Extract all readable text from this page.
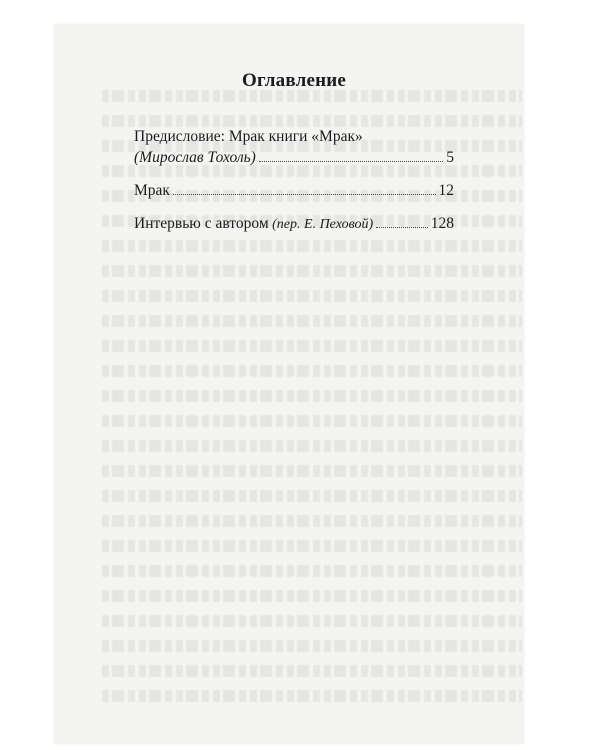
Оглавление
Предисловие: Мрак книги «Мрак»
(Мирослав Тохоль)	5
Мрак	12
Интервью с автором (пер. Е. Пеховой)	128
